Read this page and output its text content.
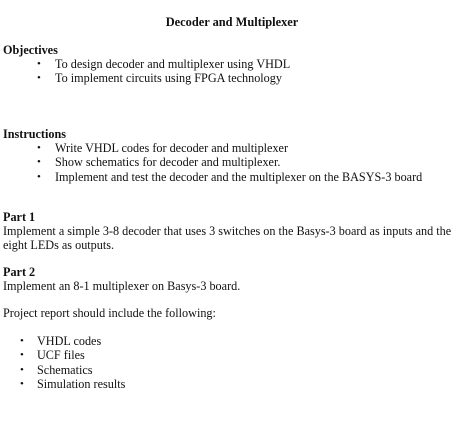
Decoder and Multiplexer
Objectives
• To design decoder and multiplexer using VHDL
• To implement circuits using FPGA technology
Instructions
• Write VHDL codes for decoder and multiplexer
• Show schematics for decoder and multiplexer.
• Implement and test the decoder and the multiplexer on the BASYS-3 board
Part 1

Implement a simple 3-8 decoder that uses 3 switches on the Basys-3 board as inputs and the eight LEDs as outputs.

Part 2

Implement an 8-1 multiplexer on Basys-3 board.

Project report should include the following:

• VHDL codes
• UCF files
• Schematics
• Simulation results
